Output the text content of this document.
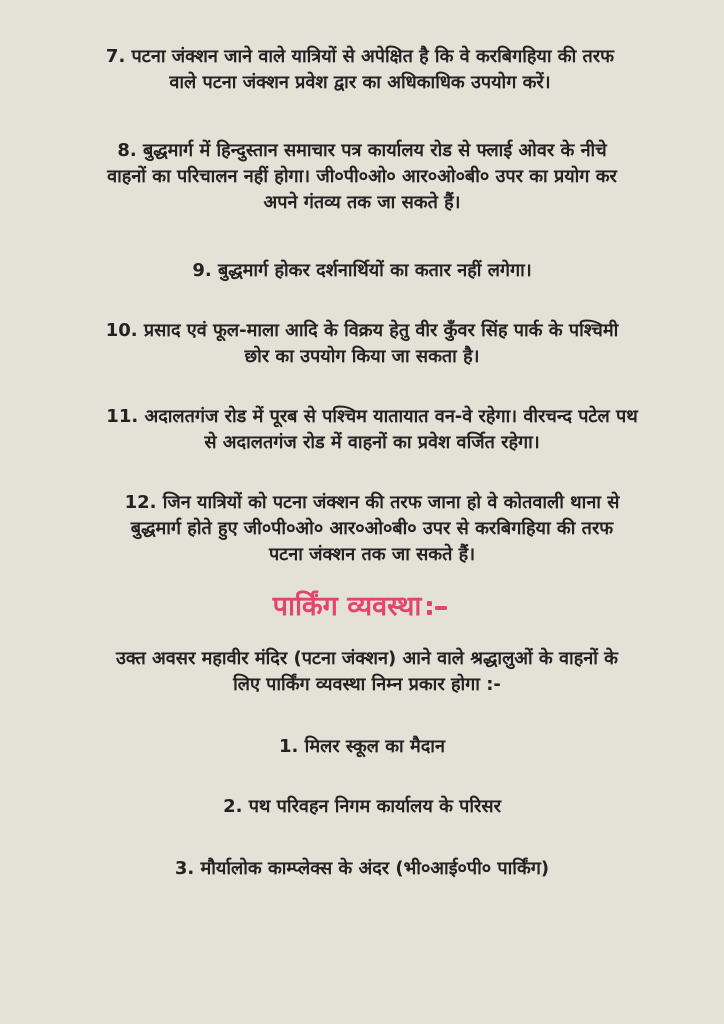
7. पटना जंक्शन जाने वाले यात्रियों से अपेक्षित है कि वे करबिगहिया की तरफ
वाले पटना जंक्शन प्रवेश द्वार का अधिकाधिक उपयोग करें।
8. बुद्धमार्ग में हिन्दुस्तान समाचार पत्र कार्यालय रोड से फ्लाई ओवर के नीचे
वाहनों का परिचालन नहीं होगा। जी०पी०ओ० आर०ओ०बी० उपर का प्रयोग कर
अपने गंतव्य तक जा सकते हैं।
9. बुद्धमार्ग होकर दर्शनार्थियों का कतार नहीं लगेगा।
10. प्रसाद एवं फूल-माला आदि के विक्रय हेतु वीर कुँवर सिंह पार्क के पश्चिमी
छोर का उपयोग किया जा सकता है।
11. अदालतगंज रोड में पूरब से पश्चिम यातायात वन-वे रहेगा। वीरचन्द पटेल पथ
से अदालतगंज रोड में वाहनों का प्रवेश वर्जित रहेगा।
12. जिन यात्रियों को पटना जंक्शन की तरफ जाना हो वे कोतवाली थाना से
बुद्धमार्ग होते हुए जी०पी०ओ० आर०ओ०बी० उपर से करबिगहिया की तरफ
पटना जंक्शन तक जा सकते हैं।
पार्किंग व्यवस्था
उक्त अवसर महावीर मंदिर (पटना जंक्शन) आने वाले श्रद्धालुओं के वाहनों के
लिए पार्किंग व्यवस्था निम्न प्रकार होगा :-
1. मिलर स्कूल का मैदान
2. पथ परिवहन निगम कार्यालय के परिसर
3. मौर्यालोक काम्प्लेक्स के अंदर (भी०आई०पी० पार्किंग)
